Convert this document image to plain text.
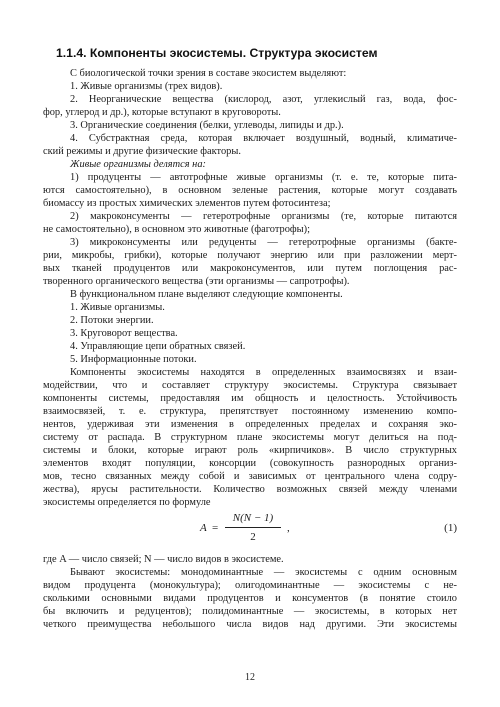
1.1.4. Компоненты экосистемы. Структура экосистем
С биологической точки зрения в составе экосистем выделяют:
1. Живые организмы (трех видов).
2. Неорганические вещества (кислород, азот, углекислый газ, вода, фос-
фор, углерод и др.), которые вступают в круговороты.
3. Органические соединения (белки, углеводы, липиды и др.).
4. Субстрактная среда, которая включает воздушный, водный, климатиче-
ский режимы и другие физические факторы.
Живые организмы делятся на:
1) продуценты — автотрофные живые организмы (т. е. те, которые пита-
ются самостоятельно), в основном зеленые растения, которые могут создавать
биомассу из простых химических элементов путем фотосинтеза;
2) макроконсументы — гетеротрофные организмы (те, которые питаются
не самостоятельно), в основном это животные (фаготрофы);
3) микроконсументы или редуценты — гетеротрофные организмы (бакте-
рии, микробы, грибки), которые получают энергию или при разложении мерт-
вых тканей продуцентов или макроконсументов, или путем поглощения рас-
творенного органического вещества (эти организмы — сапротрофы).
В функциональном плане выделяют следующие компоненты.
1. Живые организмы.
2. Потоки энергии.
3. Круговорот вещества.
4. Управляющие цепи обратных связей.
5. Информационные потоки.
Компоненты экосистемы находятся в определенных взаимосвязях и взаи-
модействии, что и составляет структуру экосистемы. Структура связывает
компоненты системы, предоставляя им общность и целостность. Устойчивость
взаимосвязей, т. е. структура, препятствует постоянному изменению компо-
нентов, удерживая эти изменения в определенных пределах и сохраняя эко-
систему от распада. В структурном плане экосистемы могут делиться на под-
системы и блоки, которые играют роль «кирпичиков». В число структурных
элементов входят популяции, консорции (совокупность разнородных организ-
мов, тесно связанных между собой и зависимых от центрального члена содру-
жества), ярусы растительности. Количество возможных связей между членами
экосистемы определяется по формуле
A =
N(N − 1)
2
,	(1)
где A — число связей; N — число видов в экосистеме.
Бывают экосистемы: монодоминантные — экосистемы с одним основным
видом продуцента (монокультура); олигодоминантные — экосистемы с не-
сколькими основными видами продуцентов и консументов (в понятие стоило
бы включить и редуцентов); полидоминантные — экосистемы, в которых нет
четкого преимущества небольшого числа видов над другими. Эти экосистемы
12
